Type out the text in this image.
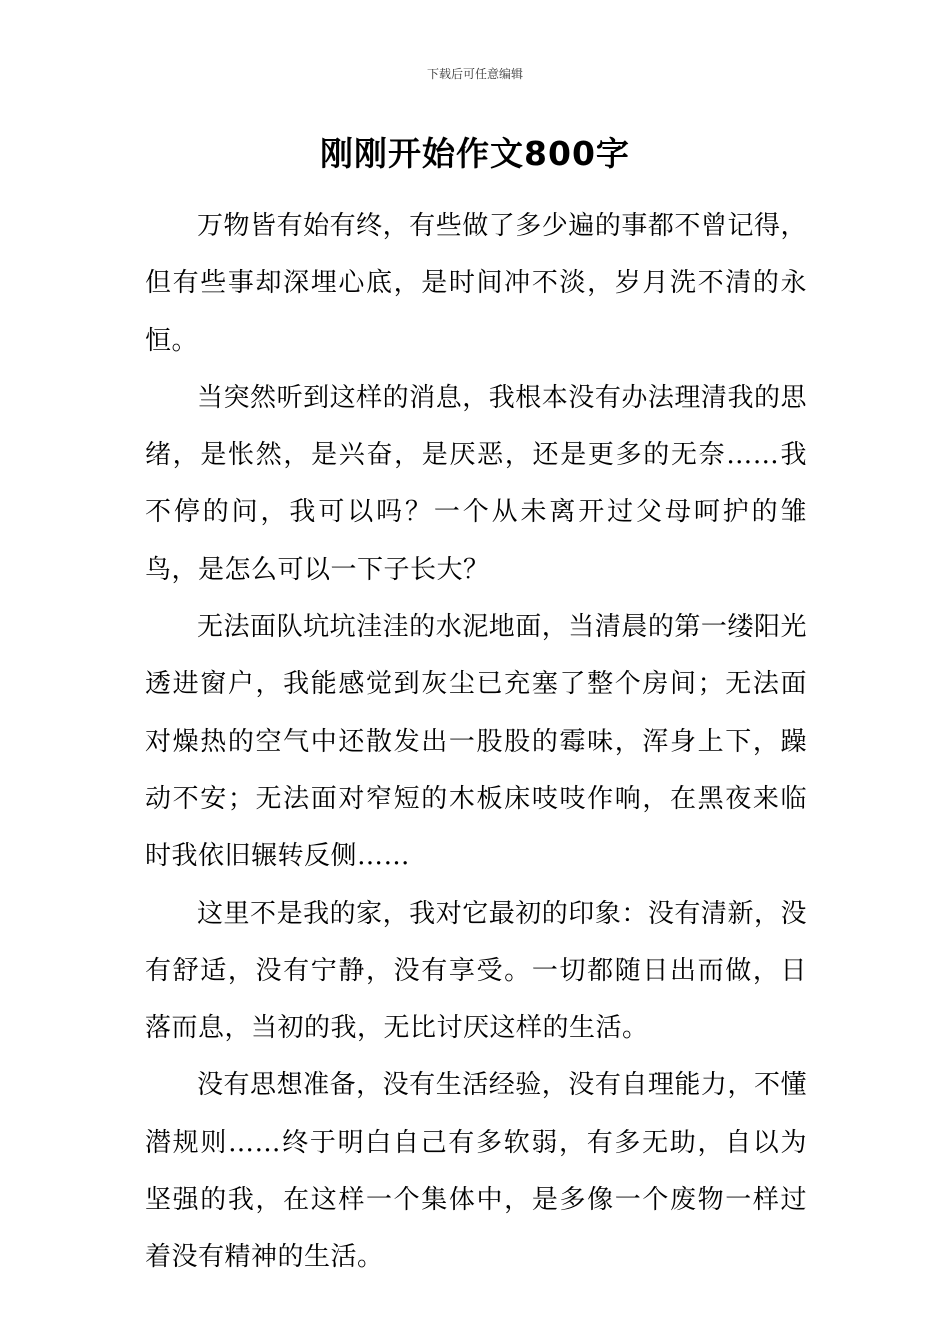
下载后可任意编辑
刚刚开始作文800字

万物皆有始有终，有些做了多少遍的事都不曾记得，但有些事却深埋心底，是时间冲不淡，岁月洗不清的永恒。

当突然听到这样的消息，我根本没有办法理清我的思绪，是怅然，是兴奋，是厌恶，还是更多的无奈……我不停的问，我可以吗？一个从未离开过父母呵护的雏鸟，是怎么可以一下子长大？

无法面队坑坑洼洼的水泥地面，当清晨的第一缕阳光透进窗户，我能感觉到灰尘已充塞了整个房间；无法面对燥热的空气中还散发出一股股的霉味，浑身上下，躁动不安；无法面对窄短的木板床吱吱作响，在黑夜来临时我依旧辗转反侧……

这里不是我的家，我对它最初的印象：没有清新，没有舒适，没有宁静，没有享受。一切都随日出而做，日落而息，当初的我，无比讨厌这样的生活。

没有思想准备，没有生活经验，没有自理能力，不懂潜规则……终于明白自己有多软弱，有多无助，自以为坚强的我，在这样一个集体中，是多像一个废物一样过着没有精神的生活。
